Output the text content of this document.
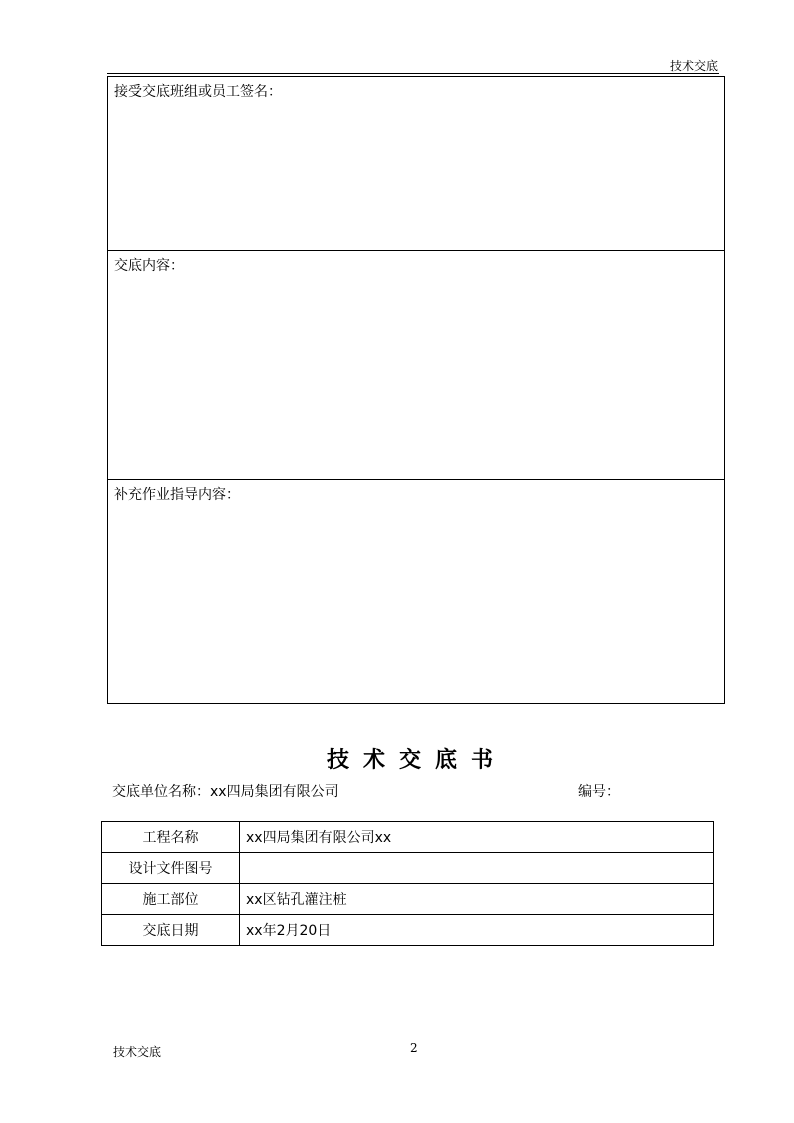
技术交底
接受交底班组或员工签名：
交底内容：
补充作业指导内容：
技术交底书
交底单位名称：xx四局集团有限公司	编号：
工程名称	xx四局集团有限公司xx
设计文件图号	
施工部位	xx区钻孔灌注桩
交底日期	xx年2月20日
技术交底	2
